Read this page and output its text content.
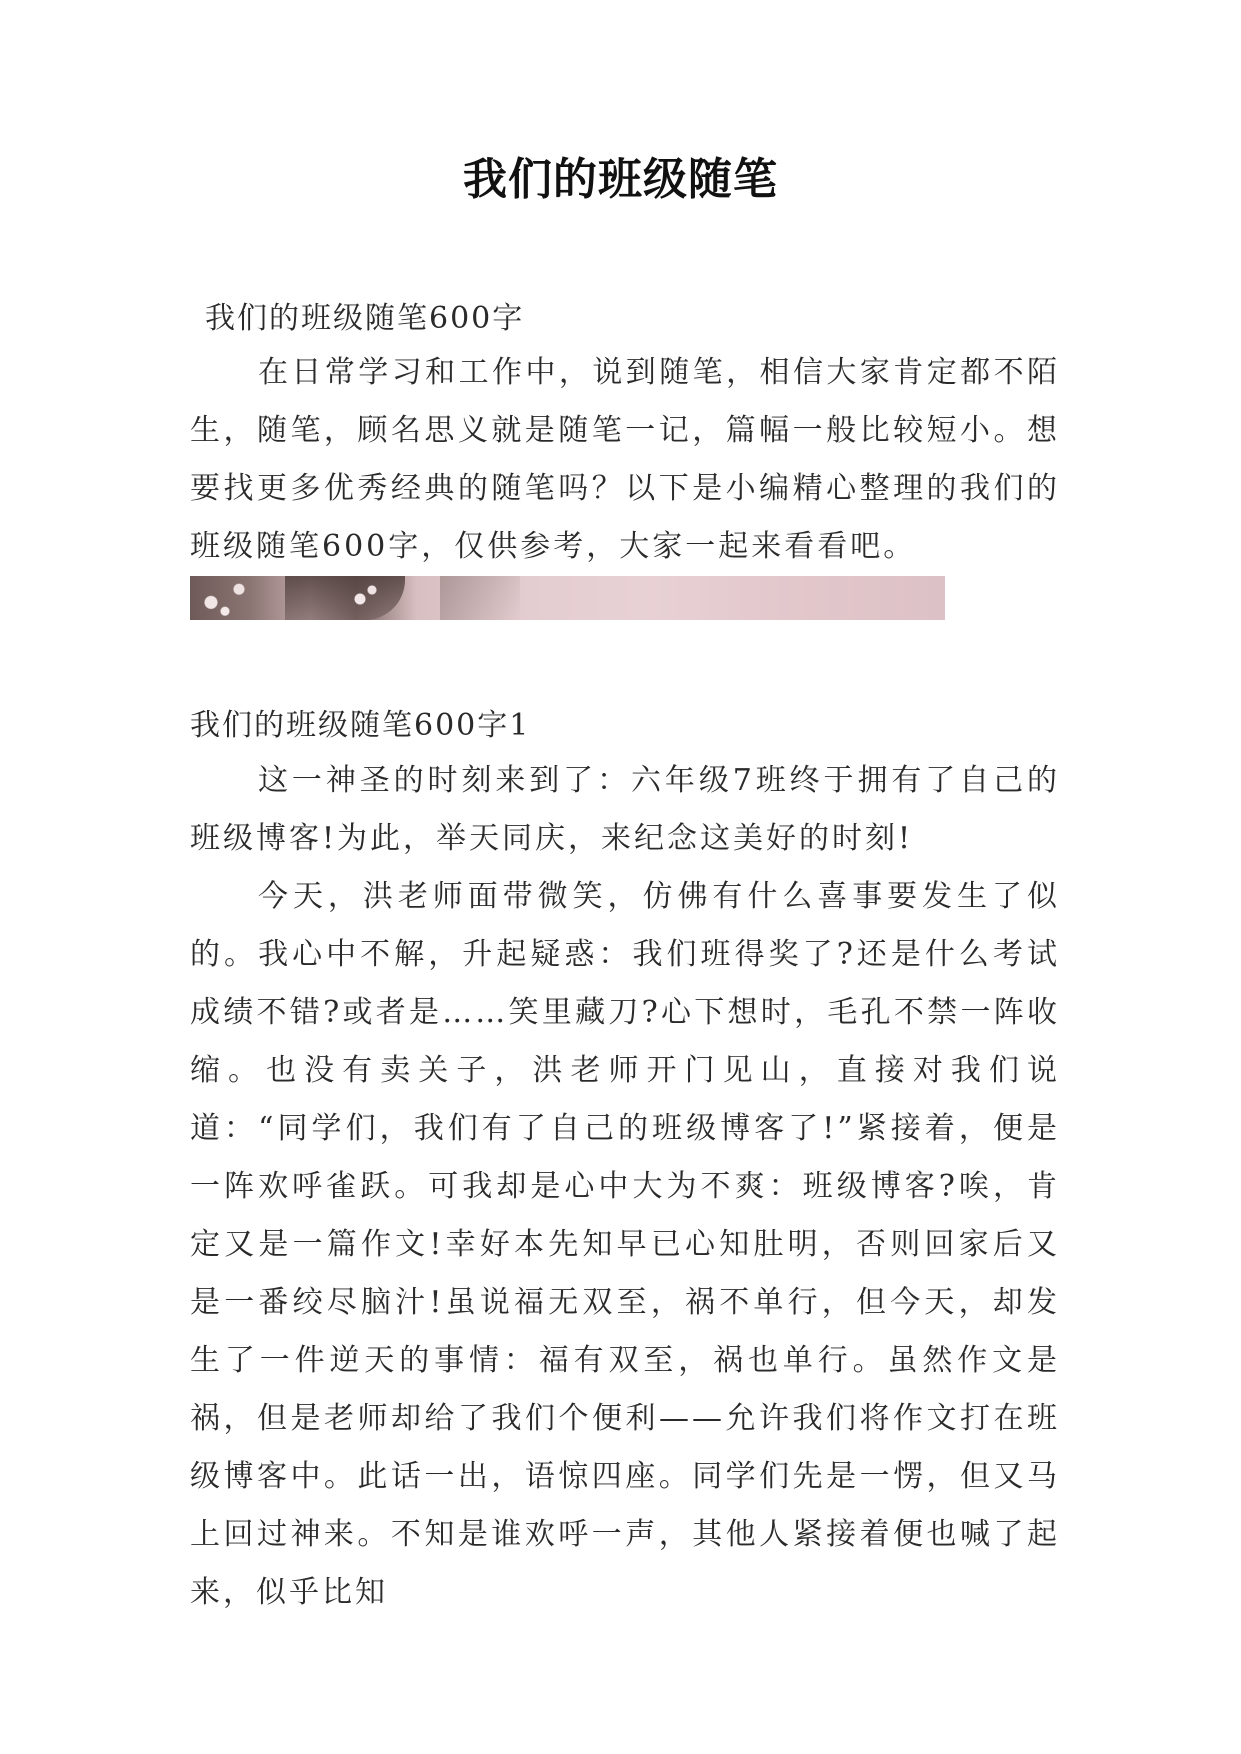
我们的班级随笔
我们的班级随笔600字

在日常学习和工作中，说到随笔，相信大家肯定都不陌生，随笔，顾名思义就是随笔一记，篇幅一般比较短小。想要找更多优秀经典的随笔吗？以下是小编精心整理的我们的班级随笔600字，仅供参考，大家一起来看看吧。

我们的班级随笔600字1

这一神圣的时刻来到了：六年级7班终于拥有了自己的班级博客!为此，举天同庆，来纪念这美好的时刻!

今天，洪老师面带微笑，仿佛有什么喜事要发生了似的。我心中不解，升起疑惑：我们班得奖了?还是什么考试成绩不错?或者是……笑里藏刀?心下想时，毛孔不禁一阵收缩。也没有卖关子，洪老师开门见山，直接对我们说道：“同学们，我们有了自己的班级博客了!”紧接着，便是一阵欢呼雀跃。可我却是心中大为不爽：班级博客?唉，肯定又是一篇作文!幸好本先知早已心知肚明，否则回家后又是一番绞尽脑汁!虽说福无双至，祸不单行，但今天，却发生了一件逆天的事情：福有双至，祸也单行。虽然作文是祸，但是老师却给了我们个便利——允许我们将作文打在班级博客中。此话一出，语惊四座。同学们先是一愣，但又马上回过神来。不知是谁欢呼一声，其他人紧接着便也喊了起来，似乎比知
